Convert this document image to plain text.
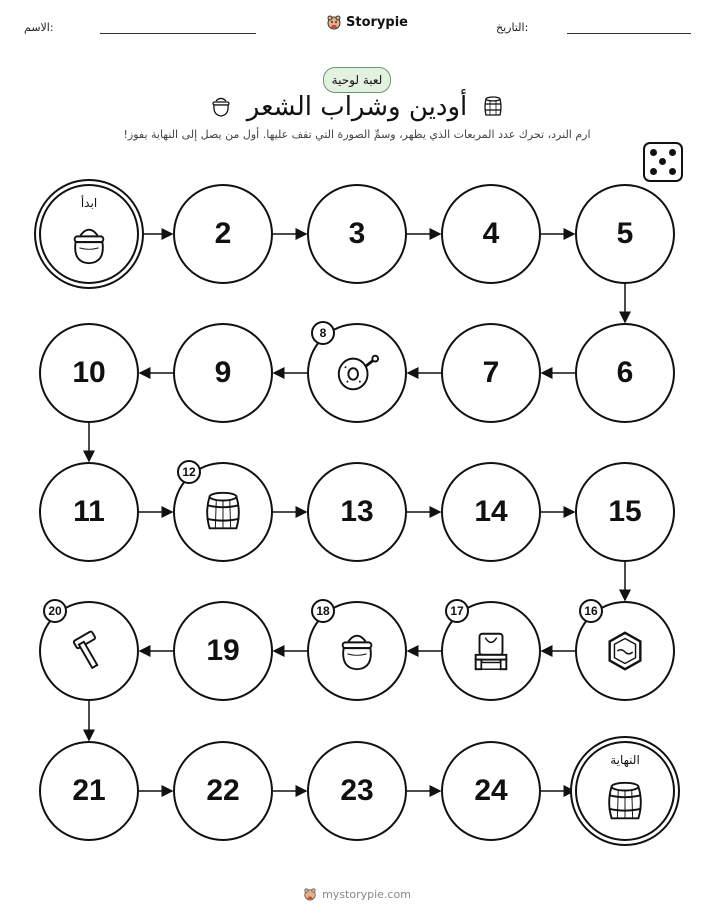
الاسم:	Storypie	التاريخ:
لعبة لوحية
أودين وشراب الشعر
ارم النرد، تحرك عدد المربعات الذي يظهر، وسمِّ الصورة التي تقف عليها. أول من يصل إلى النهاية يفوز!
ابدأ
2	3	4	5
6
7
8
9
10
11
12
13	14	15
16
17
18
19
20
21	22	23	24
النهاية
mystorypie.com
